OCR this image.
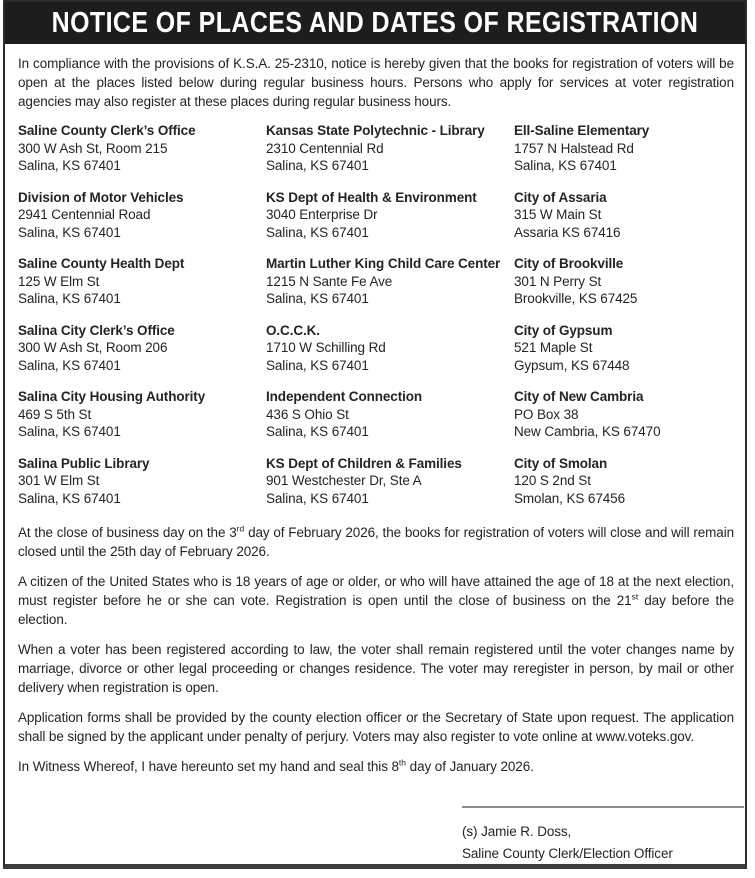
NOTICE OF PLACES AND DATES OF REGISTRATION

In compliance with the provisions of K.S.A. 25-2310, notice is hereby given that the books for registration of voters will be open at the places listed below during regular business hours. Persons who apply for services at voter registration agencies may also register at these places during regular business hours.

Saline County Clerk’s Office
300 W Ash St, Room 215
Salina, KS 67401
Division of Motor Vehicles
2941 Centennial Road
Salina, KS 67401
Saline County Health Dept
125 W Elm St
Salina, KS 67401
Salina City Clerk’s Office
300 W Ash St, Room 206
Salina, KS 67401
Salina City Housing Authority
469 S 5th St
Salina, KS 67401
Salina Public Library
301 W Elm St
Salina, KS 67401
Kansas State Polytechnic - Library
2310 Centennial Rd
Salina, KS 67401
KS Dept of Health & Environment
3040 Enterprise Dr
Salina, KS 67401
Martin Luther King Child Care Center
1215 N Sante Fe Ave
Salina, KS 67401
O.C.C.K.
1710 W Schilling Rd
Salina, KS 67401
Independent Connection
436 S Ohio St
Salina, KS 67401
KS Dept of Children & Families
901 Westchester Dr, Ste A
Salina, KS 67401
Ell-Saline Elementary
1757 N Halstead Rd
Salina, KS 67401
City of Assaria
315 W Main St
Assaria KS 67416
City of Brookville
301 N Perry St
Brookville, KS 67425
City of Gypsum
521 Maple St
Gypsum, KS 67448
City of New Cambria
PO Box 38
New Cambria, KS 67470
City of Smolan
120 S 2nd St
Smolan, KS 67456

At the close of business day on the 3rd day of February 2026, the books for registration of voters will close and will remain closed until the 25th day of February 2026.

A citizen of the United States who is 18 years of age or older, or who will have attained the age of 18 at the next election, must register before he or she can vote. Registration is open until the close of business on the 21st day before the election.

When a voter has been registered according to law, the voter shall remain registered until the voter changes name by marriage, divorce or other legal proceeding or changes residence. The voter may reregister in person, by mail or other delivery when registration is open.

Application forms shall be provided by the county election officer or the Secretary of State upon request. The application shall be signed by the applicant under penalty of perjury. Voters may also register to vote online at www.voteks.gov.

In Witness Whereof, I have hereunto set my hand and seal this 8th day of January 2026.

(s) Jamie R. Doss,
Saline County Clerk/Election Officer
